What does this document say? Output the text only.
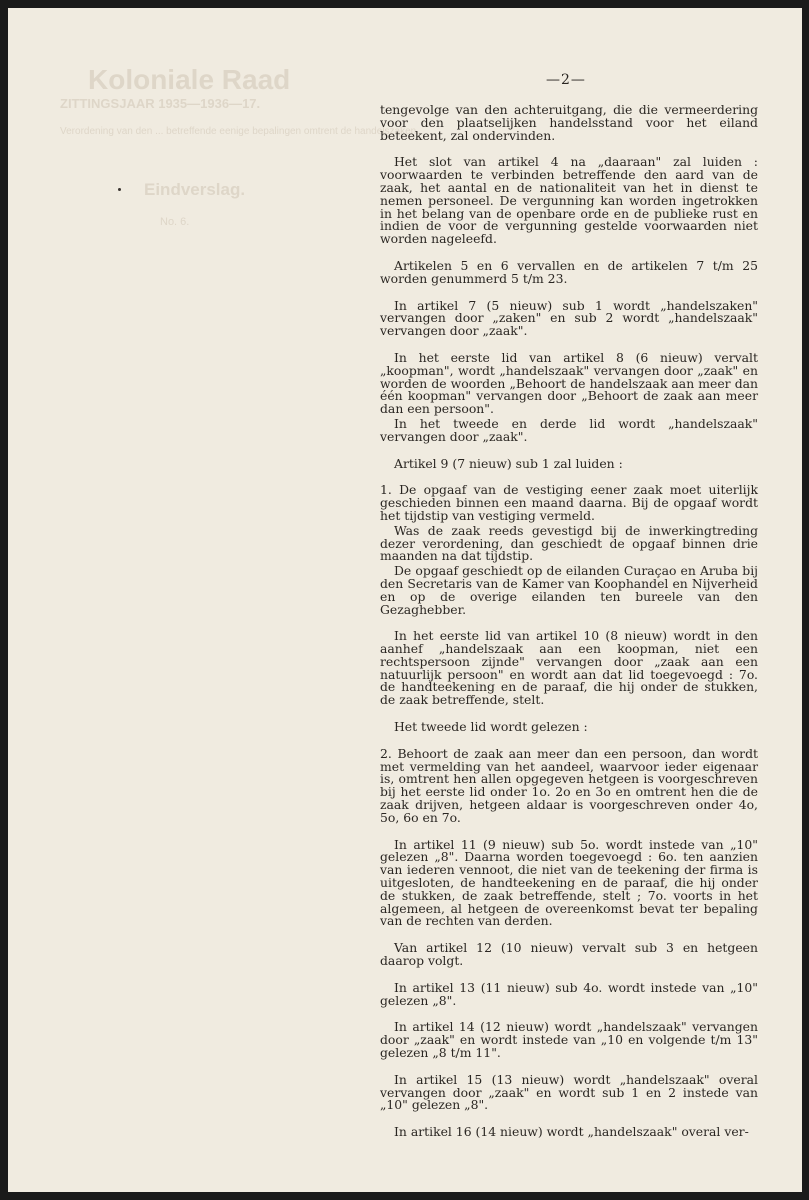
Koloniale Raad
ZITTINGSJAAR 1935—1936—17.
Verordening van den ... betreffende eenige bepalingen omtrent de handelszaken.
Eindverslag.
No. 6.
—2—

tengevolge van den achteruitgang, die die vermeerdering voor den plaatselijken handelsstand voor het eiland beteekent, zal ondervinden.

Het slot van artikel 4 na „daaraan" zal luiden : voorwaarden te verbinden betreffende den aard van de zaak, het aantal en de nationaliteit van het in dienst te nemen personeel. De vergunning kan worden ingetrokken in het belang van de openbare orde en de publieke rust en indien de voor de vergunning gestelde voorwaarden niet worden nageleefd.

Artikelen 5 en 6 vervallen en de artikelen 7 t/m 25 worden genummerd 5 t/m 23.

In artikel 7 (5 nieuw) sub 1 wordt „handelszaken" vervangen door „zaken" en sub 2 wordt „handelszaak" vervangen door „zaak".

In het eerste lid van artikel 8 (6 nieuw) vervalt „koopman", wordt „handelszaak" vervangen door „zaak" en worden de woorden „Behoort de handelszaak aan meer dan één koopman" vervangen door „Behoort de zaak aan meer dan een persoon".

In het tweede en derde lid wordt „handelszaak" vervangen door „zaak".

Artikel 9 (7 nieuw) sub 1 zal luiden :

1. De opgaaf van de vestiging eener zaak moet uiterlijk geschieden binnen een maand daarna. Bij de opgaaf wordt het tijdstip van vestiging vermeld.

Was de zaak reeds gevestigd bij de inwerkingtreding dezer verordening, dan geschiedt de opgaaf binnen drie maanden na dat tijdstip.

De opgaaf geschiedt op de eilanden Curaçao en Aruba bij den Secretaris van de Kamer van Koophandel en Nijverheid en op de overige eilanden ten bureele van den Gezaghebber.

In het eerste lid van artikel 10 (8 nieuw) wordt in den aanhef „handelszaak aan een koopman, niet een rechtspersoon zijnde" vervangen door „zaak aan een natuurlijk persoon" en wordt aan dat lid toegevoegd : 7o. de handteekening en de paraaf, die hij onder de stukken, de zaak betreffende, stelt.

Het tweede lid wordt gelezen :

2. Behoort de zaak aan meer dan een persoon, dan wordt met vermelding van het aandeel, waarvoor ieder eigenaar is, omtrent hen allen opgegeven hetgeen is voorgeschreven bij het eerste lid onder 1o. 2o en 3o en omtrent hen die de zaak drijven, hetgeen aldaar is voorgeschreven onder 4o, 5o, 6o en 7o.

In artikel 11 (9 nieuw) sub 5o. wordt instede van „10" gelezen „8". Daarna worden toegevoegd : 6o. ten aanzien van iederen vennoot, die niet van de teekening der firma is uitgesloten, de handteekening en de paraaf, die hij onder de stukken, de zaak betreffende, stelt ; 7o. voorts in het algemeen, al hetgeen de overeenkomst bevat ter bepaling van de rechten van derden.

Van artikel 12 (10 nieuw) vervalt sub 3 en hetgeen daarop volgt.

In artikel 13 (11 nieuw) sub 4o. wordt instede van „10" gelezen „8".

In artikel 14 (12 nieuw) wordt „handelszaak" vervangen door „zaak" en wordt instede van „10 en volgende t/m 13" gelezen „8 t/m 11".

In artikel 15 (13 nieuw) wordt „handelszaak" overal vervangen door „zaak" en wordt sub 1 en 2 instede van „10" gelezen „8".

In artikel 16 (14 nieuw) wordt „handelszaak" overal ver-
